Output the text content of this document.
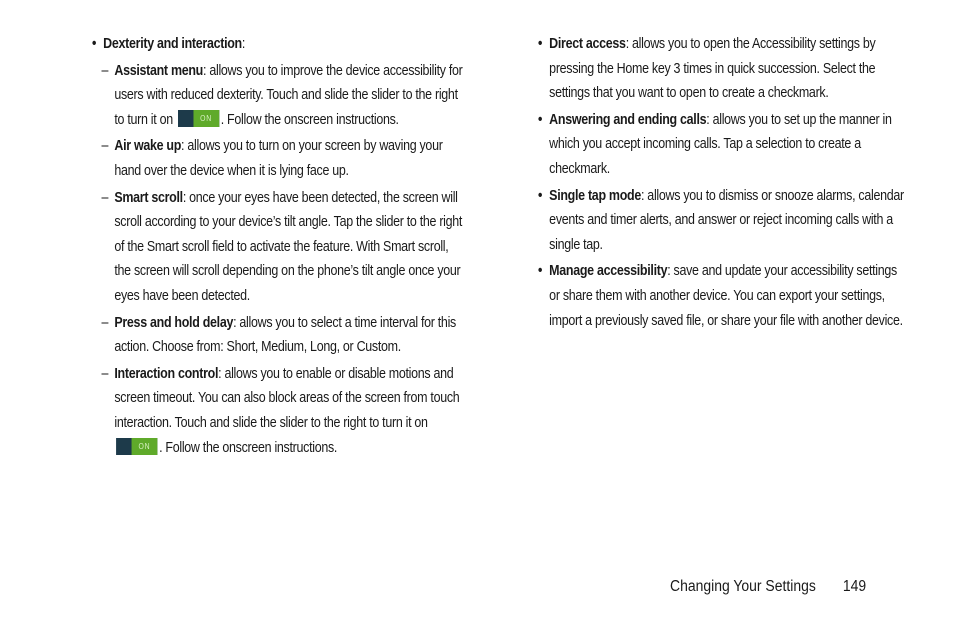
• Dexterity and interaction:
– Assistant menu: allows you to improve the device accessibility for users with reduced dexterity. Touch and slide the slider to the right to turn it on	ON . Follow the onscreen instructions.
– Air wake up: allows you to turn on your screen by waving your hand over the device when it is lying face up.
– Smart scroll: once your eyes have been detected, the screen will scroll according to your device’s tilt angle. Tap the slider to the right of the Smart scroll field to activate the feature. With Smart scroll, the screen will scroll depending on the phone’s tilt angle once your eyes have been detected.
– Press and hold delay: allows you to select a time interval for this action. Choose from: Short, Medium, Long, or Custom.
– Interaction control: allows you to enable or disable motions and screen timeout. You can also block areas of the screen from touch interaction. Touch and slide the slider to the right to turn it on
ON . Follow the onscreen instructions.
• Direct access: allows you to open the Accessibility settings by pressing the Home key 3 times in quick succession. Select the settings that you want to open to create a checkmark.
• Answering and ending calls: allows you to set up the manner in which you accept incoming calls. Tap a selection to create a checkmark.
• Single tap mode: allows you to dismiss or snooze alarms, calendar events and timer alerts, and answer or reject incoming calls with a single tap.
• Manage accessibility: save and update your accessibility settings or share them with another device. You can export your settings, import a previously saved file, or share your file with another device.
Changing Your Settings 149
